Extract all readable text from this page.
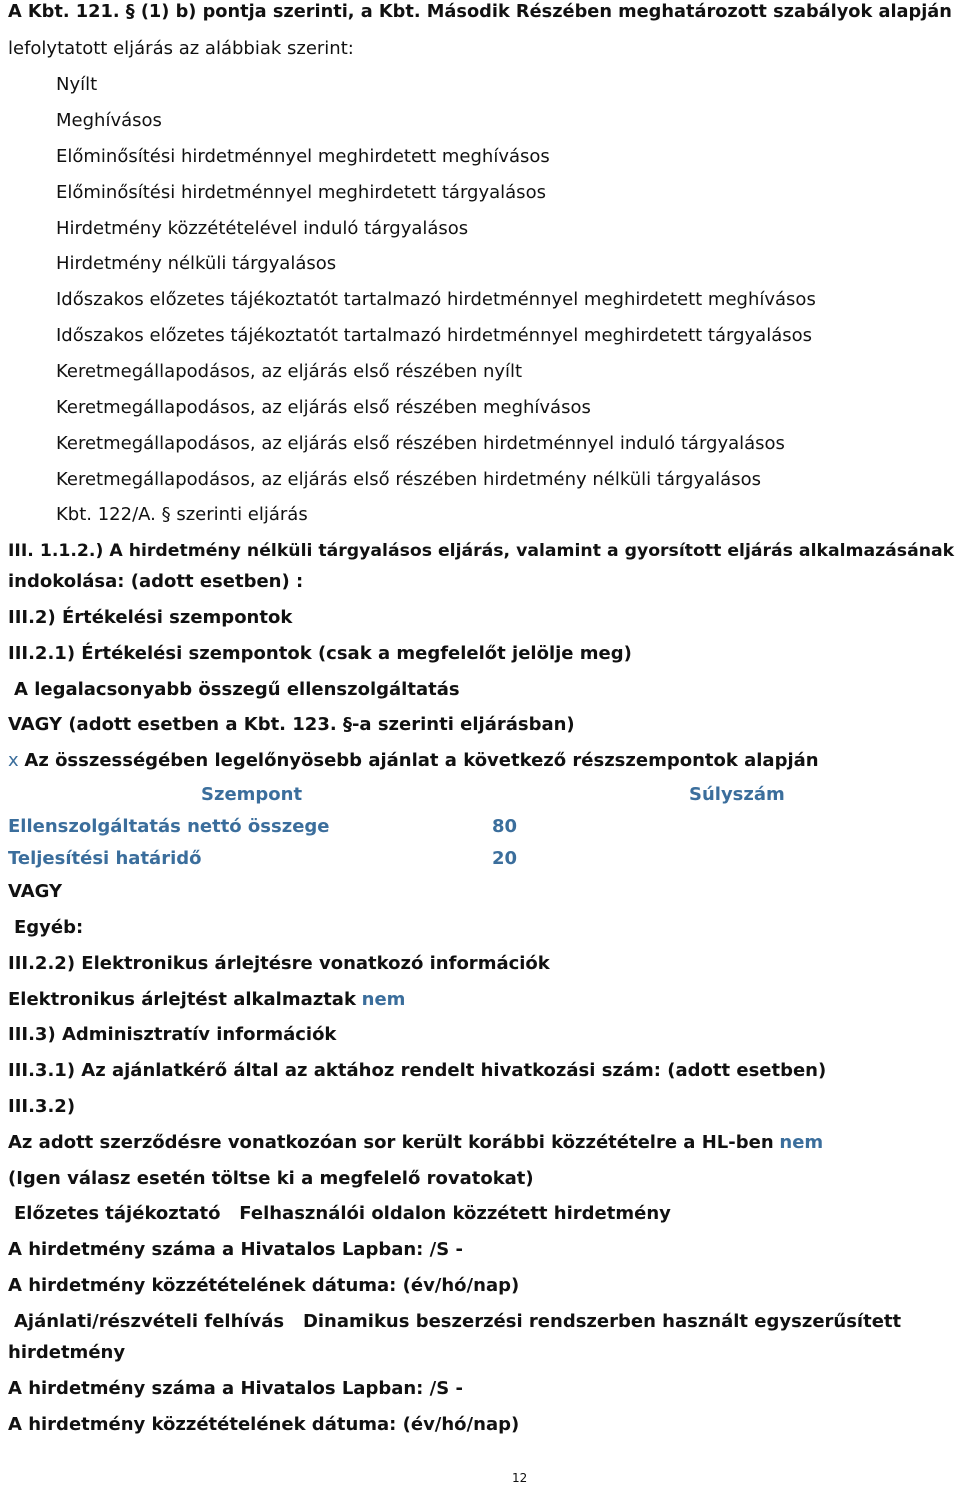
A Kbt. 121. § (1) b) pontja szerinti, a Kbt. Második Részében meghatározott szabályok alapján
lefolytatott eljárás az alábbiak szerint:
Nyílt
Meghívásos
Előminősítési hirdetménnyel meghirdetett meghívásos
Előminősítési hirdetménnyel meghirdetett tárgyalásos
Hirdetmény közzétételével induló tárgyalásos
Hirdetmény nélküli tárgyalásos
Időszakos előzetes tájékoztatót tartalmazó hirdetménnyel meghirdetett meghívásos
Időszakos előzetes tájékoztatót tartalmazó hirdetménnyel meghirdetett tárgyalásos
Keretmegállapodásos, az eljárás első részében nyílt
Keretmegállapodásos, az eljárás első részében meghívásos
Keretmegállapodásos, az eljárás első részében hirdetménnyel induló tárgyalásos
Keretmegállapodásos, az eljárás első részében hirdetmény nélküli tárgyalásos
Kbt. 122/A. § szerinti eljárás
III. 1.1.2.) A hirdetmény nélküli tárgyalásos eljárás, valamint a gyorsított eljárás alkalmazásának
indokolása: (adott esetben) :
III.2) Értékelési szempontok
III.2.1) Értékelési szempontok (csak a megfelelőt jelölje meg)
A legalacsonyabb összegű ellenszolgáltatás
VAGY (adott esetben a Kbt. 123. §-a szerinti eljárásban)
x Az összességében legelőnyösebb ajánlat a következő részszempontok alapján
Szempont	Súlyszám
Ellenszolgáltatás nettó összege	80
Teljesítési határidő	20
VAGY
Egyéb:
III.2.2) Elektronikus árlejtésre vonatkozó információk
Elektronikus árlejtést alkalmaztak nem
III.3) Adminisztratív információk
III.3.1) Az ajánlatkérő által az aktához rendelt hivatkozási szám: (adott esetben)
III.3.2)
Az adott szerződésre vonatkozóan sor került korábbi közzétételre a HL-ben nem
(Igen válasz esetén töltse ki a megfelelő rovatokat)
Előzetes tájékoztató   Felhasználói oldalon közzétett hirdetmény
A hirdetmény száma a Hivatalos Lapban: /S -
A hirdetmény közzétételének dátuma: (év/hó/nap)
Ajánlati/részvételi felhívás   Dinamikus beszerzési rendszerben használt egyszerűsített
hirdetmény
A hirdetmény száma a Hivatalos Lapban: /S -
A hirdetmény közzétételének dátuma: (év/hó/nap)
12
